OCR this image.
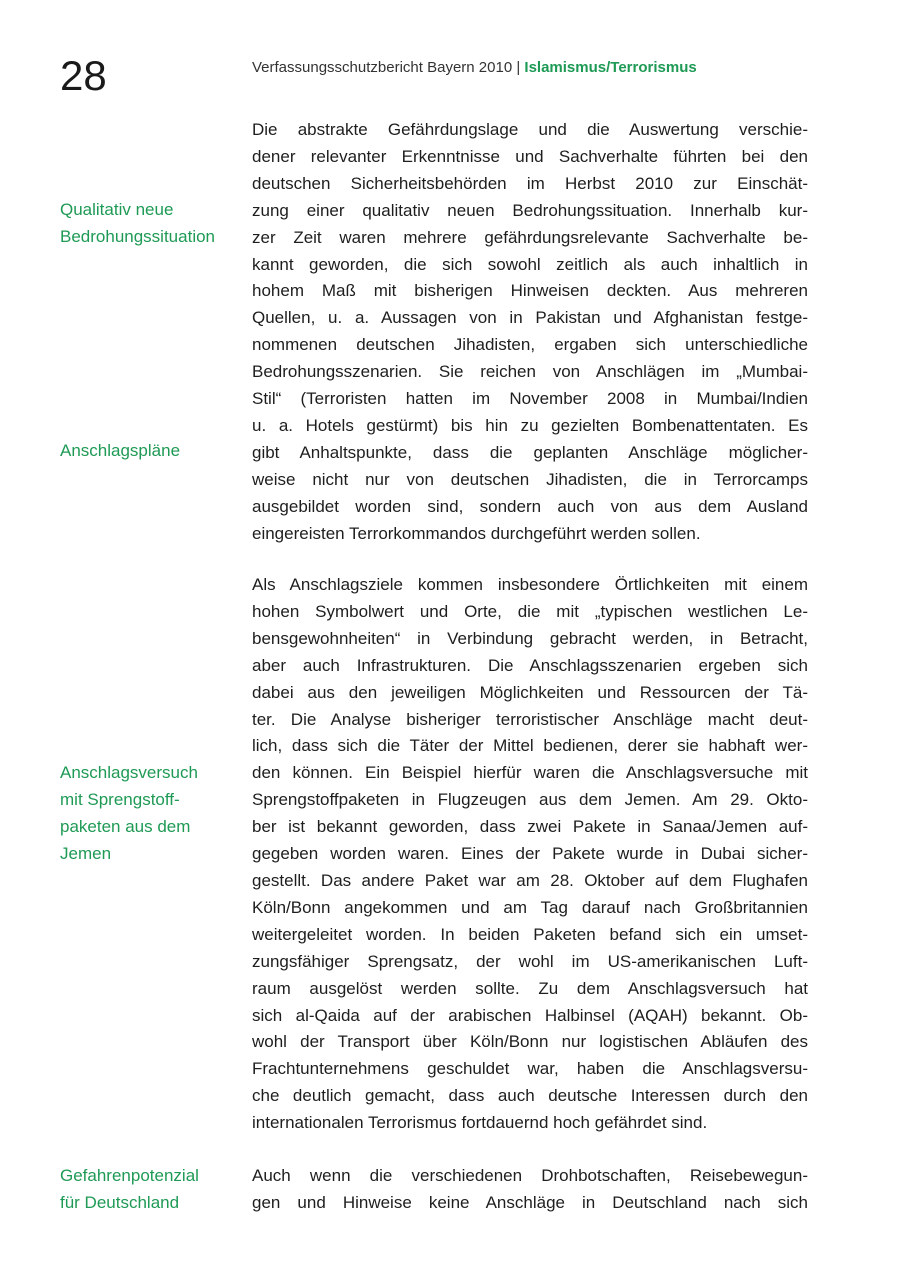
28	Verfassungsschutzbericht Bayern 2010 | Islamismus/Terrorismus
Qualitativ neue
Bedrohungssituation
Anschlagspläne
Anschlagsversuch
mit Sprengstoff-
paketen aus dem
Jemen
Gefahrenpotenzial
für Deutschland
Die abstrakte Gefährdungslage und die Auswertung verschie-
dener relevanter Erkenntnisse und Sachverhalte führten bei den
deutschen Sicherheitsbehörden im Herbst 2010 zur Einschät-
zung einer qualitativ neuen Bedrohungssituation. Innerhalb kur-
zer Zeit waren mehrere gefährdungsrelevante Sachverhalte be-
kannt geworden, die sich sowohl zeitlich als auch inhaltlich in
hohem Maß mit bisherigen Hinweisen deckten. Aus mehreren
Quellen, u. a. Aussagen von in Pakistan und Afghanistan festge-
nommenen deutschen Jihadisten, ergaben sich unterschiedliche
Bedrohungsszenarien. Sie reichen von Anschlägen im „Mumbai-
Stil“ (Terroristen hatten im November 2008 in Mumbai/Indien
u. a. Hotels gestürmt) bis hin zu gezielten Bombenattentaten. Es
gibt Anhaltspunkte, dass die geplanten Anschläge möglicher-
weise nicht nur von deutschen Jihadisten, die in Terrorcamps
ausgebildet worden sind, sondern auch von aus dem Ausland
eingereisten Terrorkommandos durchgeführt werden sollen.
Als Anschlagsziele kommen insbesondere Örtlichkeiten mit einem
hohen Symbolwert und Orte, die mit „typischen westlichen Le-
bensgewohnheiten“ in Verbindung gebracht werden, in Betracht,
aber auch Infrastrukturen. Die Anschlagsszenarien ergeben sich
dabei aus den jeweiligen Möglichkeiten und Ressourcen der Tä-
ter. Die Analyse bisheriger terroristischer Anschläge macht deut-
lich, dass sich die Täter der Mittel bedienen, derer sie habhaft wer-
den können. Ein Beispiel hierfür waren die Anschlagsversuche mit
Sprengstoffpaketen in Flugzeugen aus dem Jemen. Am 29. Okto-
ber ist bekannt geworden, dass zwei Pakete in Sanaa/Jemen auf-
gegeben worden waren. Eines der Pakete wurde in Dubai sicher-
gestellt. Das andere Paket war am 28. Oktober auf dem Flughafen
Köln/Bonn angekommen und am Tag darauf nach Großbritannien
weitergeleitet worden. In beiden Paketen befand sich ein umset-
zungsfähiger Sprengsatz, der wohl im US-amerikanischen Luft-
raum ausgelöst werden sollte. Zu dem Anschlagsversuch hat
sich al-Qaida auf der arabischen Halbinsel (AQAH) bekannt. Ob-
wohl der Transport über Köln/Bonn nur logistischen Abläufen des
Frachtunternehmens geschuldet war, haben die Anschlagsversu-
che deutlich gemacht, dass auch deutsche Interessen durch den
internationalen Terrorismus fortdauernd hoch gefährdet sind.
Auch wenn die verschiedenen Drohbotschaften, Reisebewegun-
gen und Hinweise keine Anschläge in Deutschland nach sich
